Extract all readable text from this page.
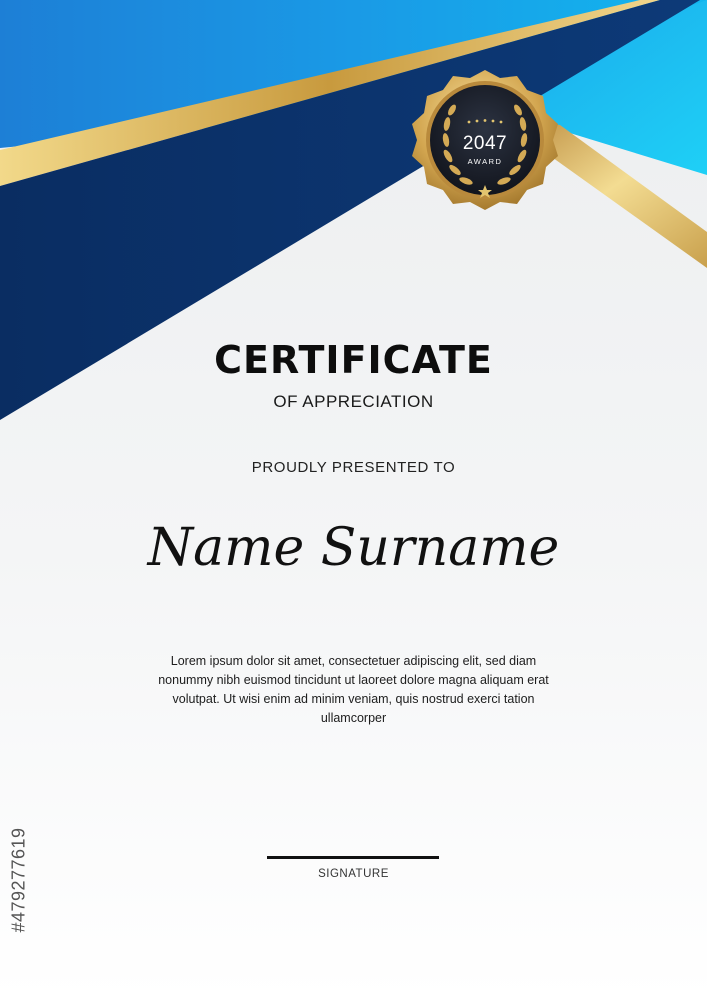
2047
AWARD
CERTIFICATE
OF APPRECIATION
PROUDLY PRESENTED TO
Name Surname
Lorem ipsum dolor sit amet, consectetuer adipiscing elit, sed diam nonummy nibh euismod tincidunt ut laoreet dolore magna aliquam erat volutpat. Ut wisi enim ad minim veniam, quis nostrud exerci tation ullamcorper
SIGNATURE
#479277619
